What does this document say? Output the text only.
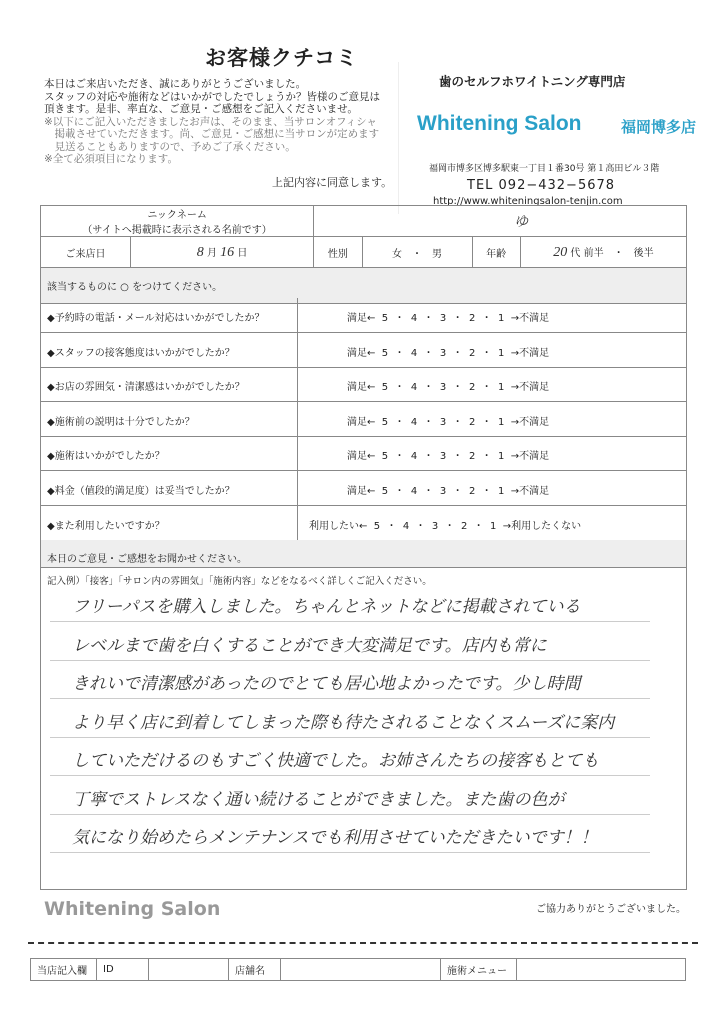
お客様クチコミ
本日はご来店いただき、誠にありがとうございました。
スタッフの対応や施術などはいかがでしたでしょうか？皆様のご意見は
頂きます。是非、率直な、ご意見・ご感想をご記入くださいませ。
※以下にご記入いただきましたお声は、そのまま、当サロンオフィシャ
　掲載させていただきます。尚、ご意見・ご感想に当サロンが定めます
　見送ることもありますので、予めご了承ください。
※全て必須項目になります。
上記内容に同意します。
歯のセルフホワイトニング専門店
Whitening Salon	福岡博多店
福岡市博多区博多駅東一丁目１番30号 第１高田ビル３階
TEL 092−432−5678
http://www.whiteningsalon-tenjin.com
ニックネーム
（サイトへ掲載時に表示される名前です）		ゆ			
ご来店日	8 月 16 日	性別	女　・　男	年齢	20 代 前半　・　後半
該当するものに ○ をつけてください。					
◆予約時の電話・メール対応はいかがでしたか？	満足←  5  ・  4  ・  3  ・  2  ・  1  →不満足
◆スタッフの接客態度はいかがでしたか？	満足←  5  ・  4  ・  3  ・  2  ・  1  →不満足
◆お店の雰囲気・清潔感はいかがでしたか？	満足←  5  ・  4  ・  3  ・  2  ・  1  →不満足
◆施術前の説明は十分でしたか？	満足←  5  ・  4  ・  3  ・  2  ・  1  →不満足
◆施術はいかがでしたか？	満足←  5  ・  4  ・  3  ・  2  ・  1  →不満足
◆料金（値段的満足度）は妥当でしたか？	満足←  5  ・  4  ・  3  ・  2  ・  1  →不満足
◆また利用したいですか？	利用したい←  5  ・  4  ・  3  ・  2  ・  1  →利用したくない
本日のご意見・ご感想をお聞かせください。
記入例）「接客」「サロン内の雰囲気」「施術内容」などをなるべく詳しくご記入ください。
フリーパスを購入しました。ちゃんとネットなどに掲載されている
レベルまで歯を白くすることができ大変満足です。店内も常に
きれいで清潔感があったのでとても居心地よかったです。少し時間
より早く店に到着してしまった際も待たされることなくスムーズに案内
していただけるのもすごく快適でした。お姉さんたちの接客もとても
丁寧でストレスなく通い続けることができました。また歯の色が
気になり始めたらメンテナンスでも利用させていただきたいです！！
Whitening Salon	ご協力ありがとうございました。
当店記入欄	ID		店舗名		施術メニュー	
